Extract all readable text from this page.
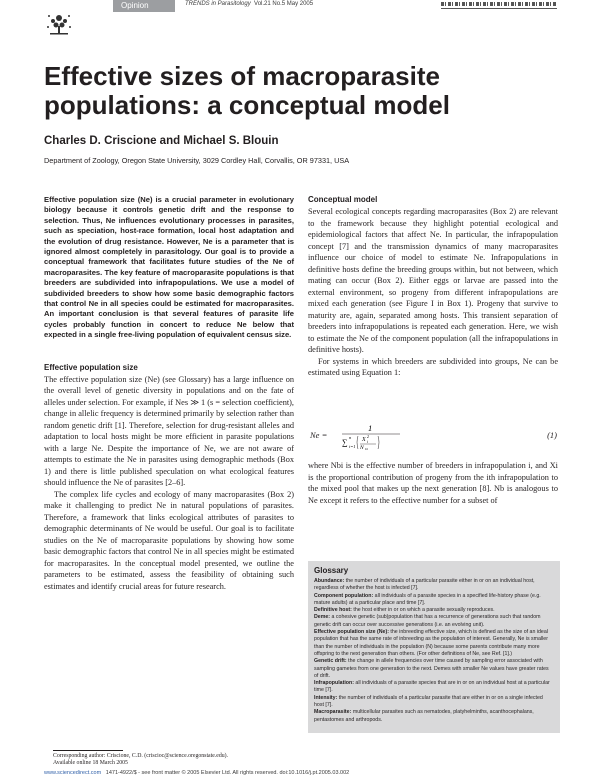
Opinion	TRENDS in Parasitology Vol.21 No.5 May 2005
Effective sizes of macroparasite populations: a conceptual model
Charles D. Criscione and Michael S. Blouin
Department of Zoology, Oregon State University, 3029 Cordley Hall, Corvallis, OR 97331, USA
Effective population size (Ne) is a crucial parameter in evolutionary biology because it controls genetic drift and the response to selection. Thus, Ne influences evolutionary processes in parasites, such as speciation, host-race formation, local host adaptation and the evolution of drug resistance. However, Ne is a parameter that is ignored almost completely in parasitology. Our goal is to provide a conceptual framework that facilitates future studies of the Ne of macroparasites. The key feature of macroparasite populations is that breeders are subdivided into infrapopulations. We use a model of subdivided breeders to show how some basic demographic factors that control Ne in all species could be estimated for macroparasites. An important conclusion is that several features of parasite life cycles probably function in concert to reduce Ne below that expected in a single free-living population of equivalent census size.
Effective population size

The effective population size (Ne) (see Glossary) has a large influence on the overall level of genetic diversity in populations and on the fate of alleles under selection. For example, if Nes ≫ 1 (s = selection coefficient), change in allelic frequency is determined primarily by selection rather than random genetic drift [1]. Therefore, selection for drug-resistant alleles and adaptation to local hosts might be more efficient in parasite populations with a large Ne. Despite the importance of Ne, we are not aware of attempts to estimate the Ne in parasites using demographic methods (Box 1) and there is little published speculation on what ecological features should influence the Ne of parasites [2–6].

The complex life cycles and ecology of many macroparasites (Box 2) make it challenging to predict Ne in natural populations of parasites. Therefore, a framework that links ecological attributes of parasites to demographic determinants of Ne would be useful. Our goal is to facilitate studies on the Ne of macroparasite populations by showing how some basic demographic factors that control Ne in all species might be estimated for macroparasites. In the conceptual model presented, we outline the parameters to be estimated, assess the feasibility of obtaining such estimates and identify crucial areas for future research.

Conceptual model

Several ecological concepts regarding macroparasites (Box 2) are relevant to the framework because they highlight potential ecological and epidemiological factors that affect Ne. In particular, the infrapopulation concept [7] and the transmission dynamics of many macroparasites influence our choice of model to estimate Ne. Infrapopulations in definitive hosts define the breeding groups within, but not between, which mating can occur (Box 2). Either eggs or larvae are passed into the external environment, so progeny from different infrapopulations are mixed each generation (see Figure I in Box 1). Progeny that survive to maturity are, again, separated among hosts. This transient separation of breeders into infrapopulations is repeated each generation. Here, we wish to estimate the Ne of the component population (all the infrapopulations in definitive hosts).

For systems in which breeders are subdivided into groups, Ne can be estimated using Equation 1:

Ne =
1
∑ i=1
n X
2
i
N bi
(1)

where Nbi is the effective number of breeders in infrapopulation i, and Xi is the proportional contribution of progeny from the ith infrapopulation to the mixed pool that makes up the next generation [8]. Nb is analogous to Ne except it refers to the effective number for a subset of

Glossary
Abundance: the number of individuals of a particular parasite either in or on an individual host, regardless of whether the host is infected [7].
Component population: all individuals of a parasite species in a specified life-history phase (e.g. mature adults) at a particular place and time [7].
Definitive host: the host either in or on which a parasite sexually reproduces.
Deme: a cohesive genetic (sub)population that has a recurrence of generations such that random genetic drift can occur over successive generations (i.e. an evolving unit).
Effective population size (Ne): the inbreeding effective size, which is defined as the size of an ideal population that has the same rate of inbreeding as the population of interest. Generally, Ne is smaller than the number of individuals in the population (N) because some parents contribute many more offspring to the next generation than others. (For other definitions of Ne, see Ref. [1].)
Genetic drift: the change in allele frequencies over time caused by sampling error associated with sampling gametes from one generation to the next. Demes with smaller Ne values have greater rates of drift.
Infrapopulation: all individuals of a parasite species that are in or on an individual host at a particular time [7].
Intensity: the number of individuals of a particular parasite that are either in or on a single infected host [7].
Macroparasite: multicellular parasites such as nematodes, platyhelminths, acanthocephalans, pentastomes and arthropods.
Corresponding author: Criscione, C.D. (criscioc@science.oregonstate.edu).
Available online 18 March 2005
www.sciencedirect.com 1471-4922/$ - see front matter © 2005 Elsevier Ltd. All rights reserved. doi:10.1016/j.pt.2005.03.002
